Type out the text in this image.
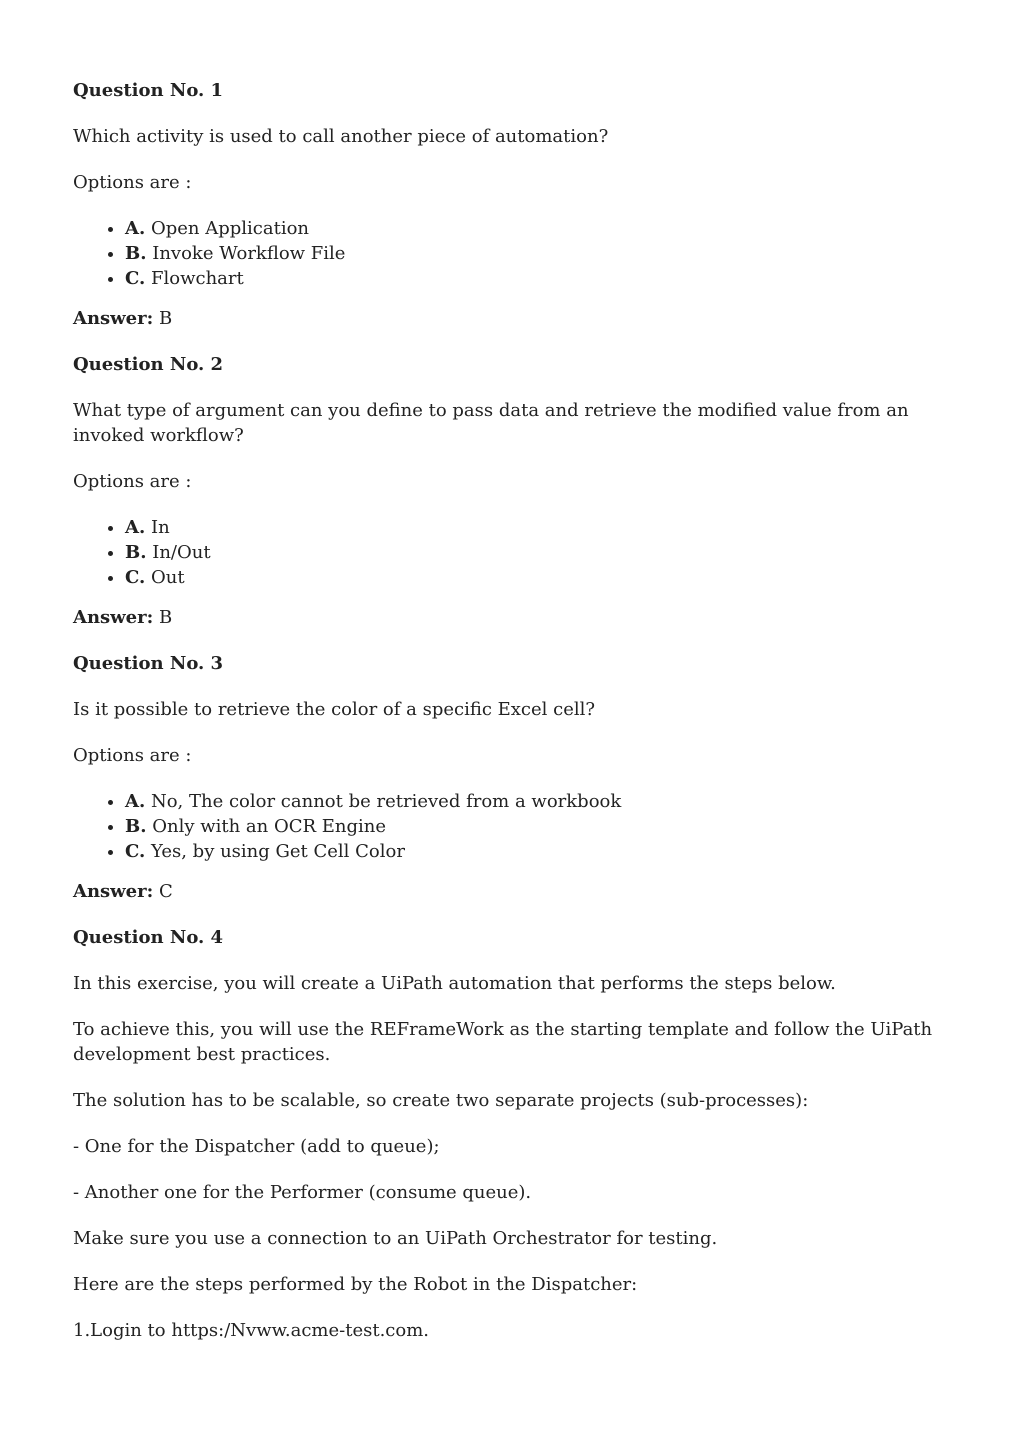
Question No. 1
Which activity is used to call another piece of automation?
Options are :
• A. Open Application
• B. Invoke Workflow File
• C. Flowchart
Answer: B
Question No. 2
What type of argument can you define to pass data and retrieve the modified value from an invoked workflow?
Options are :
• A. In
• B. In/Out
• C. Out
Answer: B
Question No. 3
Is it possible to retrieve the color of a specific Excel cell?
Options are :
• A. No, The color cannot be retrieved from a workbook
• B. Only with an OCR Engine
• C. Yes, by using Get Cell Color
Answer: C
Question No. 4
In this exercise, you will create a UiPath automation that performs the steps below.
To achieve this, you will use the REFrameWork as the starting template and follow the UiPath development best practices.
The solution has to be scalable, so create two separate projects (sub-processes):
- One for the Dispatcher (add to queue);
- Another one for the Performer (consume queue).
Make sure you use a connection to an UiPath Orchestrator for testing.
Here are the steps performed by the Robot in the Dispatcher:
1.Login to https:/Nvww.acme-test.com.
